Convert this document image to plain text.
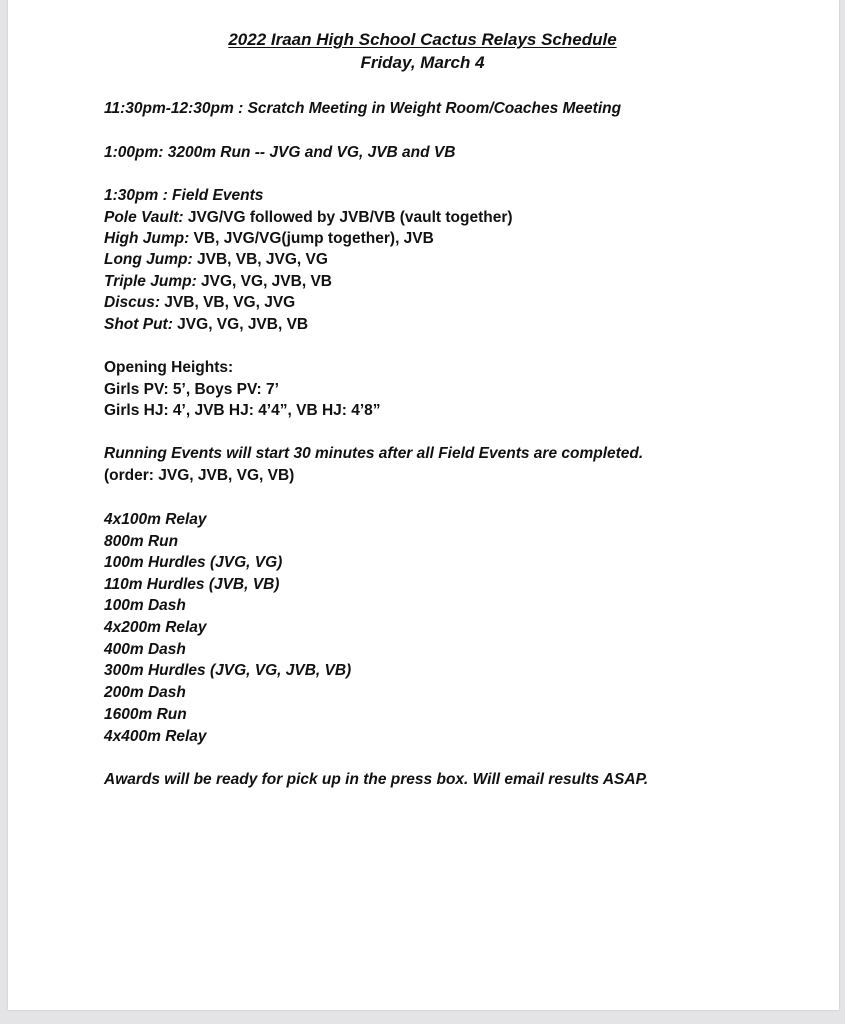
2022 Iraan High School Cactus Relays Schedule
Friday, March 4
11:30pm-12:30pm : Scratch Meeting in Weight Room/Coaches Meeting
1:00pm: 3200m Run -- JVG and VG, JVB and VB
1:30pm : Field Events
Pole Vault: JVG/VG followed by JVB/VB (vault together)
High Jump: VB, JVG/VG(jump together), JVB
Long Jump: JVB, VB, JVG, VG
Triple Jump: JVG, VG, JVB, VB
Discus: JVB, VB, VG, JVG
Shot Put: JVG, VG, JVB, VB
Opening Heights:
Girls PV: 5’, Boys PV: 7’
Girls HJ: 4’, JVB HJ: 4’4”, VB HJ: 4’8”
Running Events will start 30 minutes after all Field Events are completed.
(order: JVG, JVB, VG, VB)
4x100m Relay
800m Run
100m Hurdles (JVG, VG)
110m Hurdles (JVB, VB)
100m Dash
4x200m Relay
400m Dash
300m Hurdles (JVG, VG, JVB, VB)
200m Dash
1600m Run
4x400m Relay
Awards will be ready for pick up in the press box. Will email results ASAP.
